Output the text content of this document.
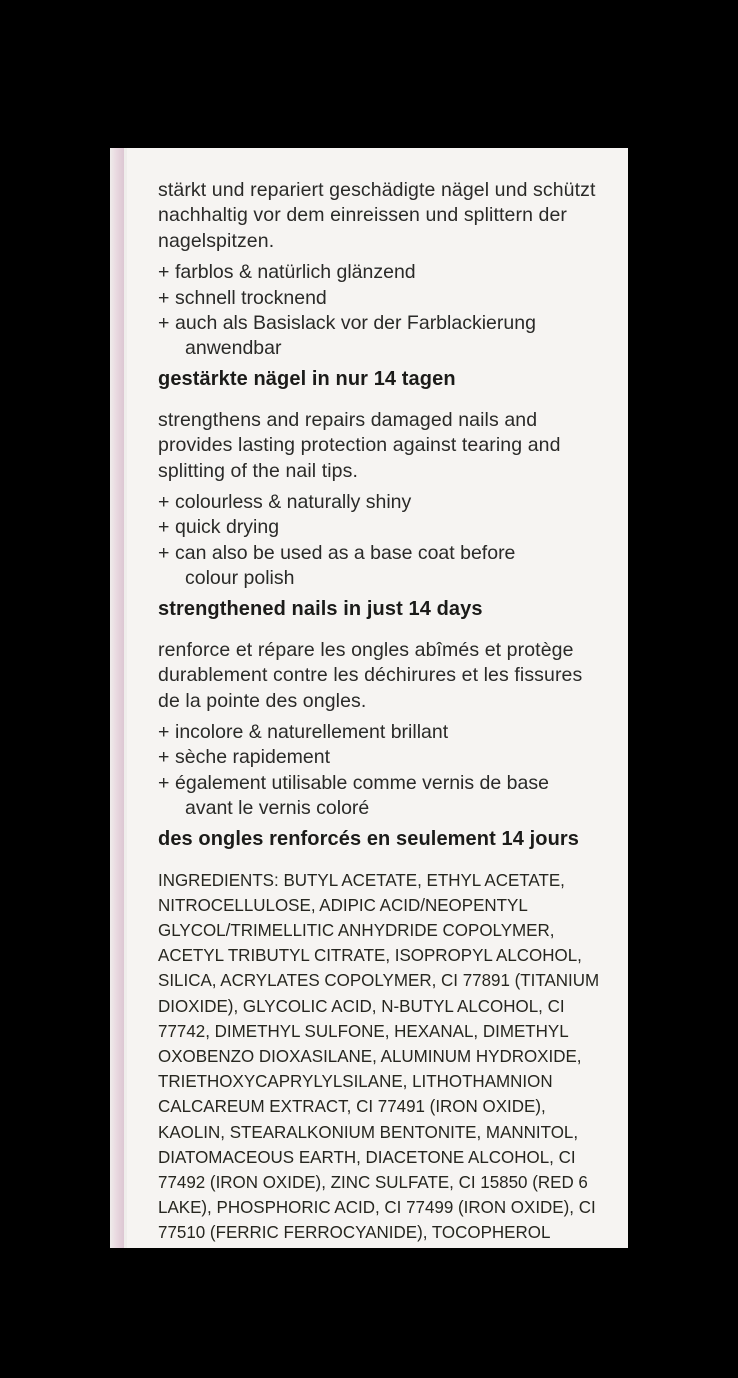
stärkt und repariert geschädigte nägel und schützt nachhaltig vor dem einreissen und splittern der nagelspitzen.

+ farblos & natürlich glänzend
+ schnell trocknend
+ auch als Basislack vor der Farblackierung
anwendbar
gestärkte nägel in nur 14 tagen

strengthens and repairs damaged nails and provides lasting protection against tearing and splitting of the nail tips.

+ colourless & naturally shiny
+ quick drying
+ can also be used as a base coat before
colour polish
strengthened nails in just 14 days

renforce et répare les ongles abîmés et protège durablement contre les déchirures et les fissures de la pointe des ongles.

+ incolore & naturellement brillant
+ sèche rapidement
+ également utilisable comme vernis de base
avant le vernis coloré
des ongles renforcés en seulement 14 jours
INGREDIENTS: BUTYL ACETATE, ETHYL ACETATE, NITROCELLULOSE, ADIPIC ACID/NEOPENTYL GLYCOL/TRIMELLITIC ANHYDRIDE COPOLYMER, ACETYL TRIBUTYL CITRATE, ISOPROPYL ALCOHOL, SILICA, ACRYLATES COPOLYMER, CI 77891 (TITANIUM DIOXIDE), GLYCOLIC ACID, N-BUTYL ALCOHOL, CI 77742, DIMETHYL SULFONE, HEXANAL, DIMETHYL OXOBENZO DIOXASILANE, ALUMINUM HYDROXIDE, TRIETHOXYCAPRYLYLSILANE, LITHOTHAMNION CALCAREUM EXTRACT, CI 77491 (IRON OXIDE), KAOLIN, STEARALKONIUM BENTONITE, MANNITOL, DIATOMACEOUS EARTH, DIACETONE ALCOHOL, CI 77492 (IRON OXIDE), ZINC SULFATE, CI 15850 (RED 6 LAKE), PHOSPHORIC ACID, CI 77499 (IRON OXIDE), CI 77510 (FERRIC FERROCYANIDE), TOCOPHEROL
